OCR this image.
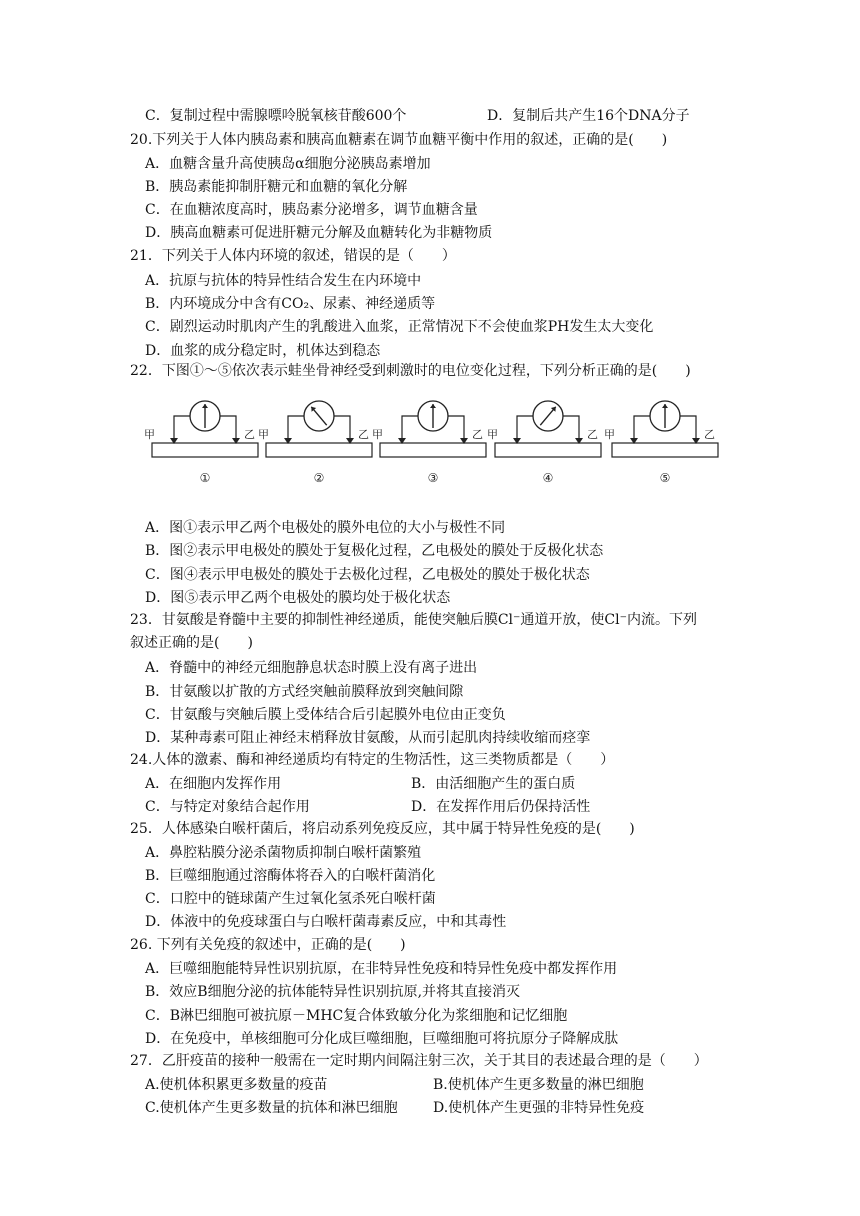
C．复制过程中需腺嘌呤脱氧核苷酸600个	D．复制后共产生16个DNA分子
20.下列关于人体内胰岛素和胰高血糖素在调节血糖平衡中作用的叙述，正确的是(　　)
A．血糖含量升高使胰岛α细胞分泌胰岛素增加
B．胰岛素能抑制肝糖元和血糖的氧化分解
C．在血糖浓度高时，胰岛素分泌增多，调节血糖含量
D．胰高血糖素可促进肝糖元分解及血糖转化为非糖物质
21．下列关于人体内环境的叙述，错误的是（　　）
A．抗原与抗体的特异性结合发生在内环境中
B．内环境成分中含有CO₂、尿素、神经递质等
C．剧烈运动时肌肉产生的乳酸进入血浆，正常情况下不会使血浆PH发生太大变化
D．血浆的成分稳定时，机体达到稳态
22．下图①～⑤依次表示蛙坐骨神经受到刺激时的电位变化过程，下列分析正确的是(　　)
甲	乙
①
甲	乙
②
甲	乙
③
甲	乙
④
甲	乙
⑤
A．图①表示甲乙两个电极处的膜外电位的大小与极性不同
B．图②表示甲电极处的膜处于复极化过程，乙电极处的膜处于反极化状态
C．图④表示甲电极处的膜处于去极化过程，乙电极处的膜处于极化状态
D．图⑤表示甲乙两个电极处的膜均处于极化状态
23．甘氨酸是脊髓中主要的抑制性神经递质，能使突触后膜Cl⁻通道开放，使Cl⁻内流。下列
叙述正确的是(　　)
A．脊髓中的神经元细胞静息状态时膜上没有离子进出
B．甘氨酸以扩散的方式经突触前膜释放到突触间隙
C．甘氨酸与突触后膜上受体结合后引起膜外电位由正变负
D．某种毒素可阻止神经末梢释放甘氨酸，从而引起肌肉持续收缩而痉挛
24.人体的激素、酶和神经递质均有特定的生物活性，这三类物质都是（　　）
A．在细胞内发挥作用	B．由活细胞产生的蛋白质
C．与特定对象结合起作用	D．在发挥作用后仍保持活性
25．人体感染白喉杆菌后，将启动系列免疫反应，其中属于特异性免疫的是(　　)
A．鼻腔粘膜分泌杀菌物质抑制白喉杆菌繁殖
B．巨噬细胞通过溶酶体将吞入的白喉杆菌消化
C．口腔中的链球菌产生过氧化氢杀死白喉杆菌
D．体液中的免疫球蛋白与白喉杆菌毒素反应，中和其毒性
26. 下列有关免疫的叙述中，正确的是(　　)
A．巨噬细胞能特异性识别抗原，在非特异性免疫和特异性免疫中都发挥作用
B．效应B细胞分泌的抗体能特异性识别抗原,并将其直接消灭
C．B淋巴细胞可被抗原－MHC复合体致敏分化为浆细胞和记忆细胞
D．在免疫中，单核细胞可分化成巨噬细胞，巨噬细胞可将抗原分子降解成肽
27．乙肝疫苗的接种一般需在一定时期内间隔注射三次，关于其目的表述最合理的是（　　）
A.使机体积累更多数量的疫苗	B.使机体产生更多数量的淋巴细胞
C.使机体产生更多数量的抗体和淋巴细胞	D.使机体产生更强的非特异性免疫
